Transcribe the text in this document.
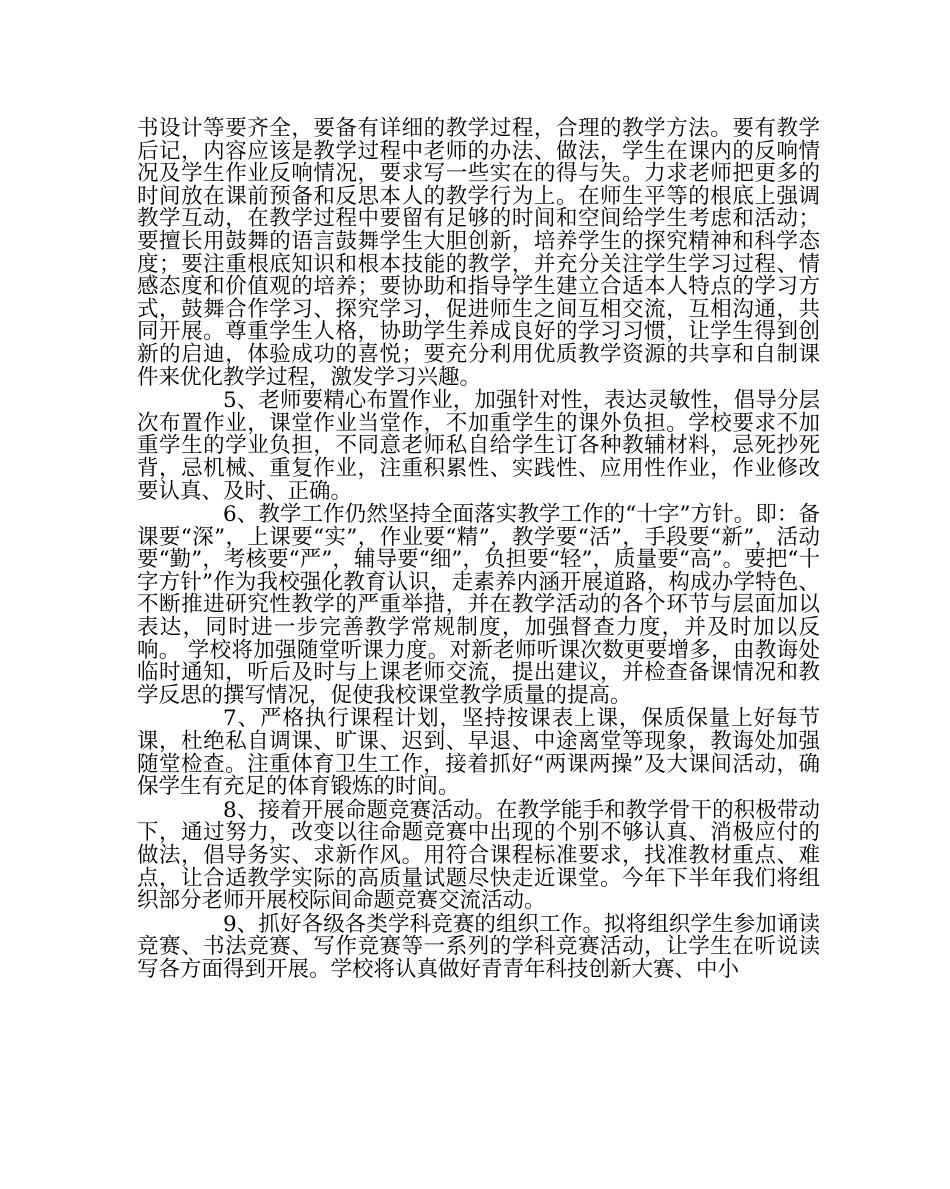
书设计等要齐全，要备有详细的教学过程，合理的教学方法。要有教学后记，内容应该是教学过程中老师的办法、做法，学生在课内的反响情况及学生作业反响情况，要求写一些实在的得与失。力求老师把更多的时间放在课前预备和反思本人的教学行为上。在师生平等的根底上强调教学互动，在教学过程中要留有足够的时间和空间给学生考虑和活动；要擅长用鼓舞的语言鼓舞学生大胆创新，培养学生的探究精神和科学态度；要注重根底知识和根本技能的教学，并充分关注学生学习过程、情感态度和价值观的培养；要协助和指导学生建立合适本人特点的学习方式，鼓舞合作学习、探究学习，促进师生之间互相交流，互相沟通，共同开展。尊重学生人格，协助学生养成良好的学习习惯，让学生得到创新的启迪，体验成功的喜悦；要充分利用优质教学资源的共享和自制课件来优化教学过程，激发学习兴趣。

5、老师要精心布置作业，加强针对性，表达灵敏性，倡导分层次布置作业，课堂作业当堂作，不加重学生的课外负担。学校要求不加重学生的学业负担，不同意老师私自给学生订各种教辅材料，忌死抄死背，忌机械、重复作业，注重积累性、实践性、应用性作业，作业修改要认真、及时、正确。

6、教学工作仍然坚持全面落实教学工作的“十字”方针。即：备课要“深”，上课要“实”，作业要“精”，教学要“活”，手段要“新”，活动要“勤”，考核要“严”，辅导要“细”，负担要“轻”，质量要“高”。要把“十字方针”作为我校强化教育认识，走素养内涵开展道路，构成办学特色、不断推进研究性教学的严重举措，并在教学活动的各个环节与层面加以表达，同时进一步完善教学常规制度，加强督查力度，并及时加以反响。 学校将加强随堂听课力度。对新老师听课次数更要增多，由教诲处临时通知，听后及时与上课老师交流，提出建议，并检查备课情况和教学反思的撰写情况，促使我校课堂教学质量的提高。

7、严格执行课程计划，坚持按课表上课，保质保量上好每节课，杜绝私自调课、旷课、迟到、早退、中途离堂等现象，教诲处加强随堂检查。注重体育卫生工作，接着抓好“两课两操”及大课间活动，确保学生有充足的体育锻炼的时间。

8、接着开展命题竞赛活动。在教学能手和教学骨干的积极带动下，通过努力，改变以往命题竞赛中出现的个别不够认真、消极应付的做法，倡导务实、求新作风。用符合课程标准要求，找准教材重点、难点，让合适教学实际的高质量试题尽快走近课堂。今年下半年我们将组织部分老师开展校际间命题竞赛交流活动。

9、抓好各级各类学科竞赛的组织工作。拟将组织学生参加诵读竞赛、书法竞赛、写作竞赛等一系列的学科竞赛活动，让学生在听说读写各方面得到开展。学校将认真做好青青年科技创新大赛、中小
